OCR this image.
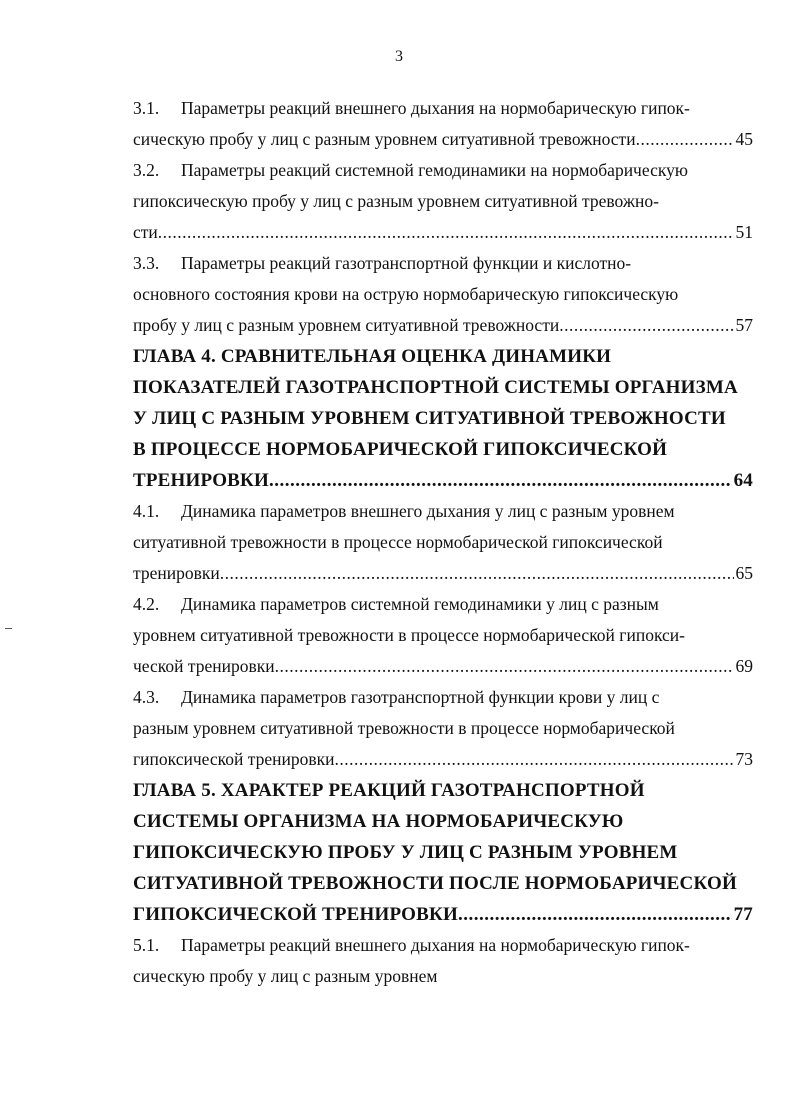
3
3.1. Параметры реакций внешнего дыхания на нормобарическую гипок-
сическую пробу у лиц с разным уровнем ситуативной тревожности .....	45
3.2. Параметры реакций системной гемодинамики на нормобарическую
гипоксическую пробу у лиц с разным уровнем ситуативной тревожно-
сти .....	51
3.3. Параметры реакций газотранспортной функции и кислотно-
основного состояния крови на острую нормобарическую гипоксическую
пробу у лиц с разным уровнем ситуативной тревожности .....	57
ГЛАВА 4. СРАВНИТЕЛЬНАЯ ОЦЕНКА ДИНАМИКИ
ПОКАЗАТЕЛЕЙ ГАЗОТРАНСПОРТНОЙ СИСТЕМЫ ОРГАНИЗМА
У ЛИЦ С РАЗНЫМ УРОВНЕМ СИТУАТИВНОЙ ТРЕВОЖНОСТИ
В ПРОЦЕССЕ НОРМОБАРИЧЕСКОЙ ГИПОКСИЧЕСКОЙ
ТРЕНИРОВКИ .....	64
4.1. Динамика параметров внешнего дыхания у лиц с разным уровнем
ситуативной тревожности в процессе нормобарической гипоксической
тренировки .....	65
4.2. Динамика параметров системной гемодинамики у лиц с разным
уровнем ситуативной тревожности в процессе нормобарической гипокси-
ческой тренировки .....	69
4.3. Динамика параметров газотранспортной функции крови у лиц с
разным уровнем ситуативной тревожности в процессе нормобарической
гипоксической тренировки .....	73
ГЛАВА 5. ХАРАКТЕР РЕАКЦИЙ ГАЗОТРАНСПОРТНОЙ
СИСТЕМЫ ОРГАНИЗМА НА НОРМОБАРИЧЕСКУЮ
ГИПОКСИЧЕСКУЮ ПРОБУ У ЛИЦ С РАЗНЫМ УРОВНЕМ
СИТУАТИВНОЙ ТРЕВОЖНОСТИ ПОСЛЕ НОРМОБАРИЧЕСКОЙ
ГИПОКСИЧЕСКОЙ ТРЕНИРОВКИ .....	77
5.1. Параметры реакций внешнего дыхания на нормобарическую гипок-
сическую пробу у лиц с разным уровнем
